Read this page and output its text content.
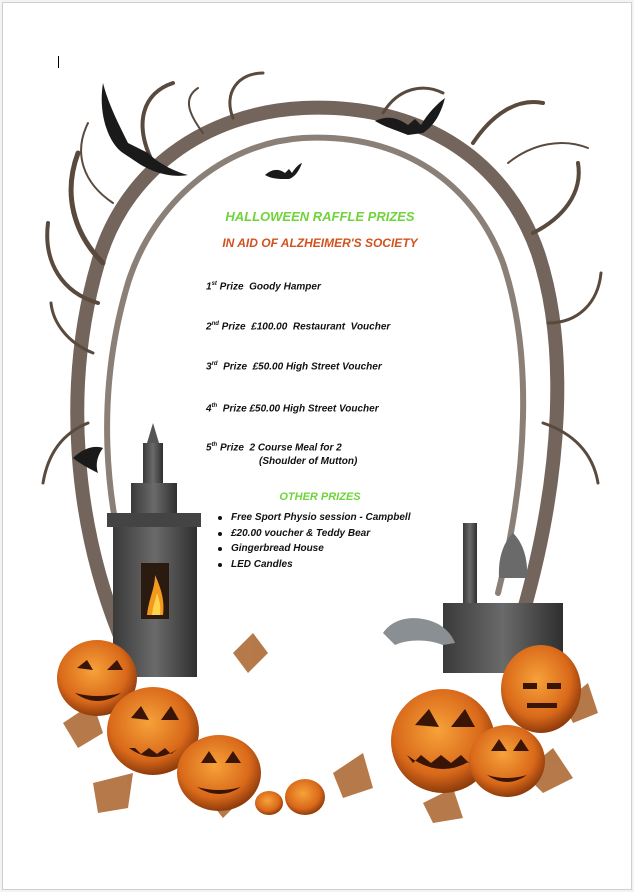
HALLOWEEN RAFFLE PRIZES

IN AID OF ALZHEIMER'S SOCIETY

1st Prize  Goody Hamper
2nd Prize  £100.00  Restaurant  Voucher
3rd  Prize  £50.00 High Street Voucher
4th  Prize £50.00 High Street Voucher
5th Prize  2 Course Meal for 2
(Shoulder of Mutton)

OTHER PRIZES

Free Sport Physio session - Campbell
£20.00 voucher & Teddy Bear
Gingerbread House
LED Candles
